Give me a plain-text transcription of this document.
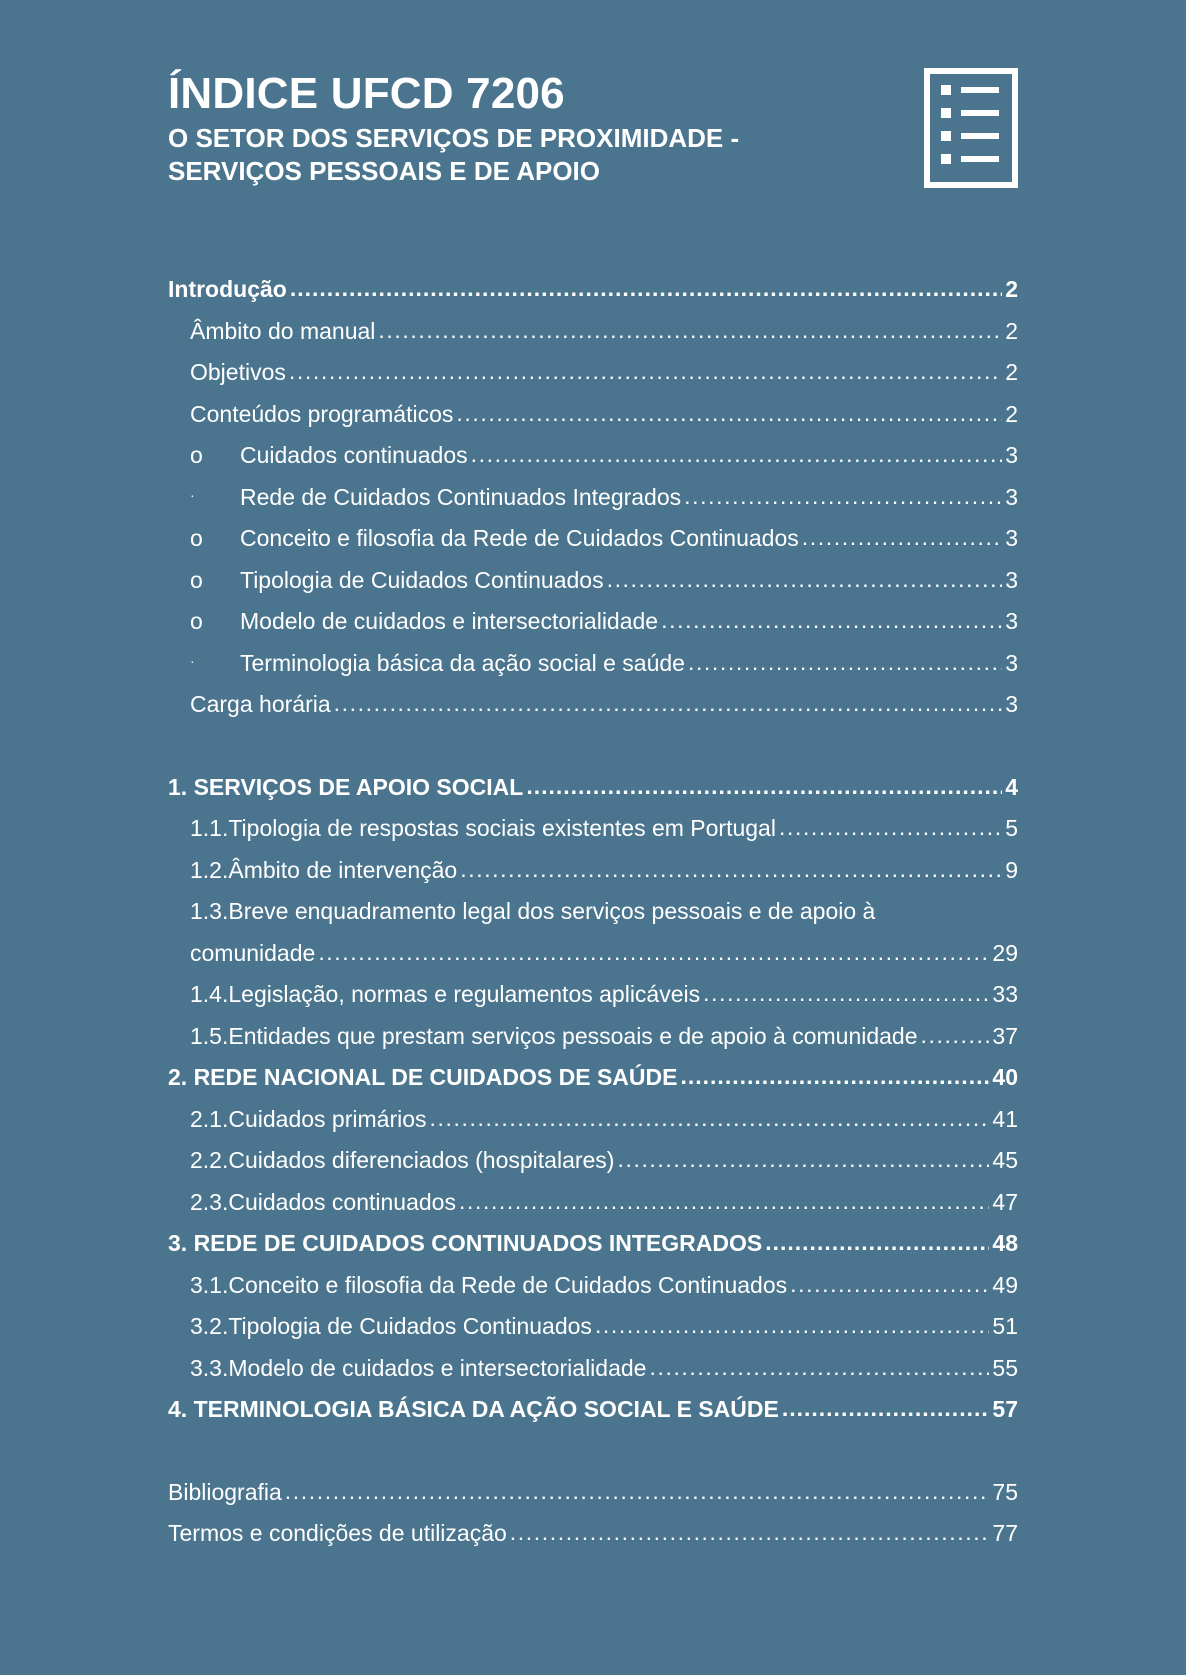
ÍNDICE UFCD 7206

O SETOR DOS SERVIÇOS DE PROXIMIDADE -

SERVIÇOS PESSOAIS E DE APOIO

Introdução .....	2
Âmbito do manual .....	2
Objetivos .....	2
Conteúdos programáticos .....	2
o	Cuidados continuados .....	3
·	Rede de Cuidados Continuados Integrados .....	3
o	Conceito e filosofia da Rede de Cuidados Continuados .....	3
o	Tipologia de Cuidados Continuados .....	3
o	Modelo de cuidados e intersectorialidade .....	3
·	Terminologia básica da ação social e saúde .....	3
Carga horária .....	3
1. SERVIÇOS DE APOIO SOCIAL .....	4
1.1.Tipologia de respostas sociais existentes em Portugal .....	5
1.2.Âmbito de intervenção .....	9
1.3.Breve enquadramento legal dos serviços pessoais e de apoio à
comunidade .....	29
1.4.Legislação, normas e regulamentos aplicáveis .....	33
1.5.Entidades que prestam serviços pessoais e de apoio à comunidade .....	37
2. REDE NACIONAL DE CUIDADOS DE SAÚDE .....	40
2.1.Cuidados primários .....	41
2.2.Cuidados diferenciados (hospitalares) .....	45
2.3.Cuidados continuados .....	47
3. REDE DE CUIDADOS CONTINUADOS INTEGRADOS .....	48
3.1.Conceito e filosofia da Rede de Cuidados Continuados .....	49
3.2.Tipologia de Cuidados Continuados .....	51
3.3.Modelo de cuidados e intersectorialidade .....	55
4. TERMINOLOGIA BÁSICA DA AÇÃO SOCIAL E SAÚDE .....	57
Bibliografia .....	75
Termos e condições de utilização .....	77
